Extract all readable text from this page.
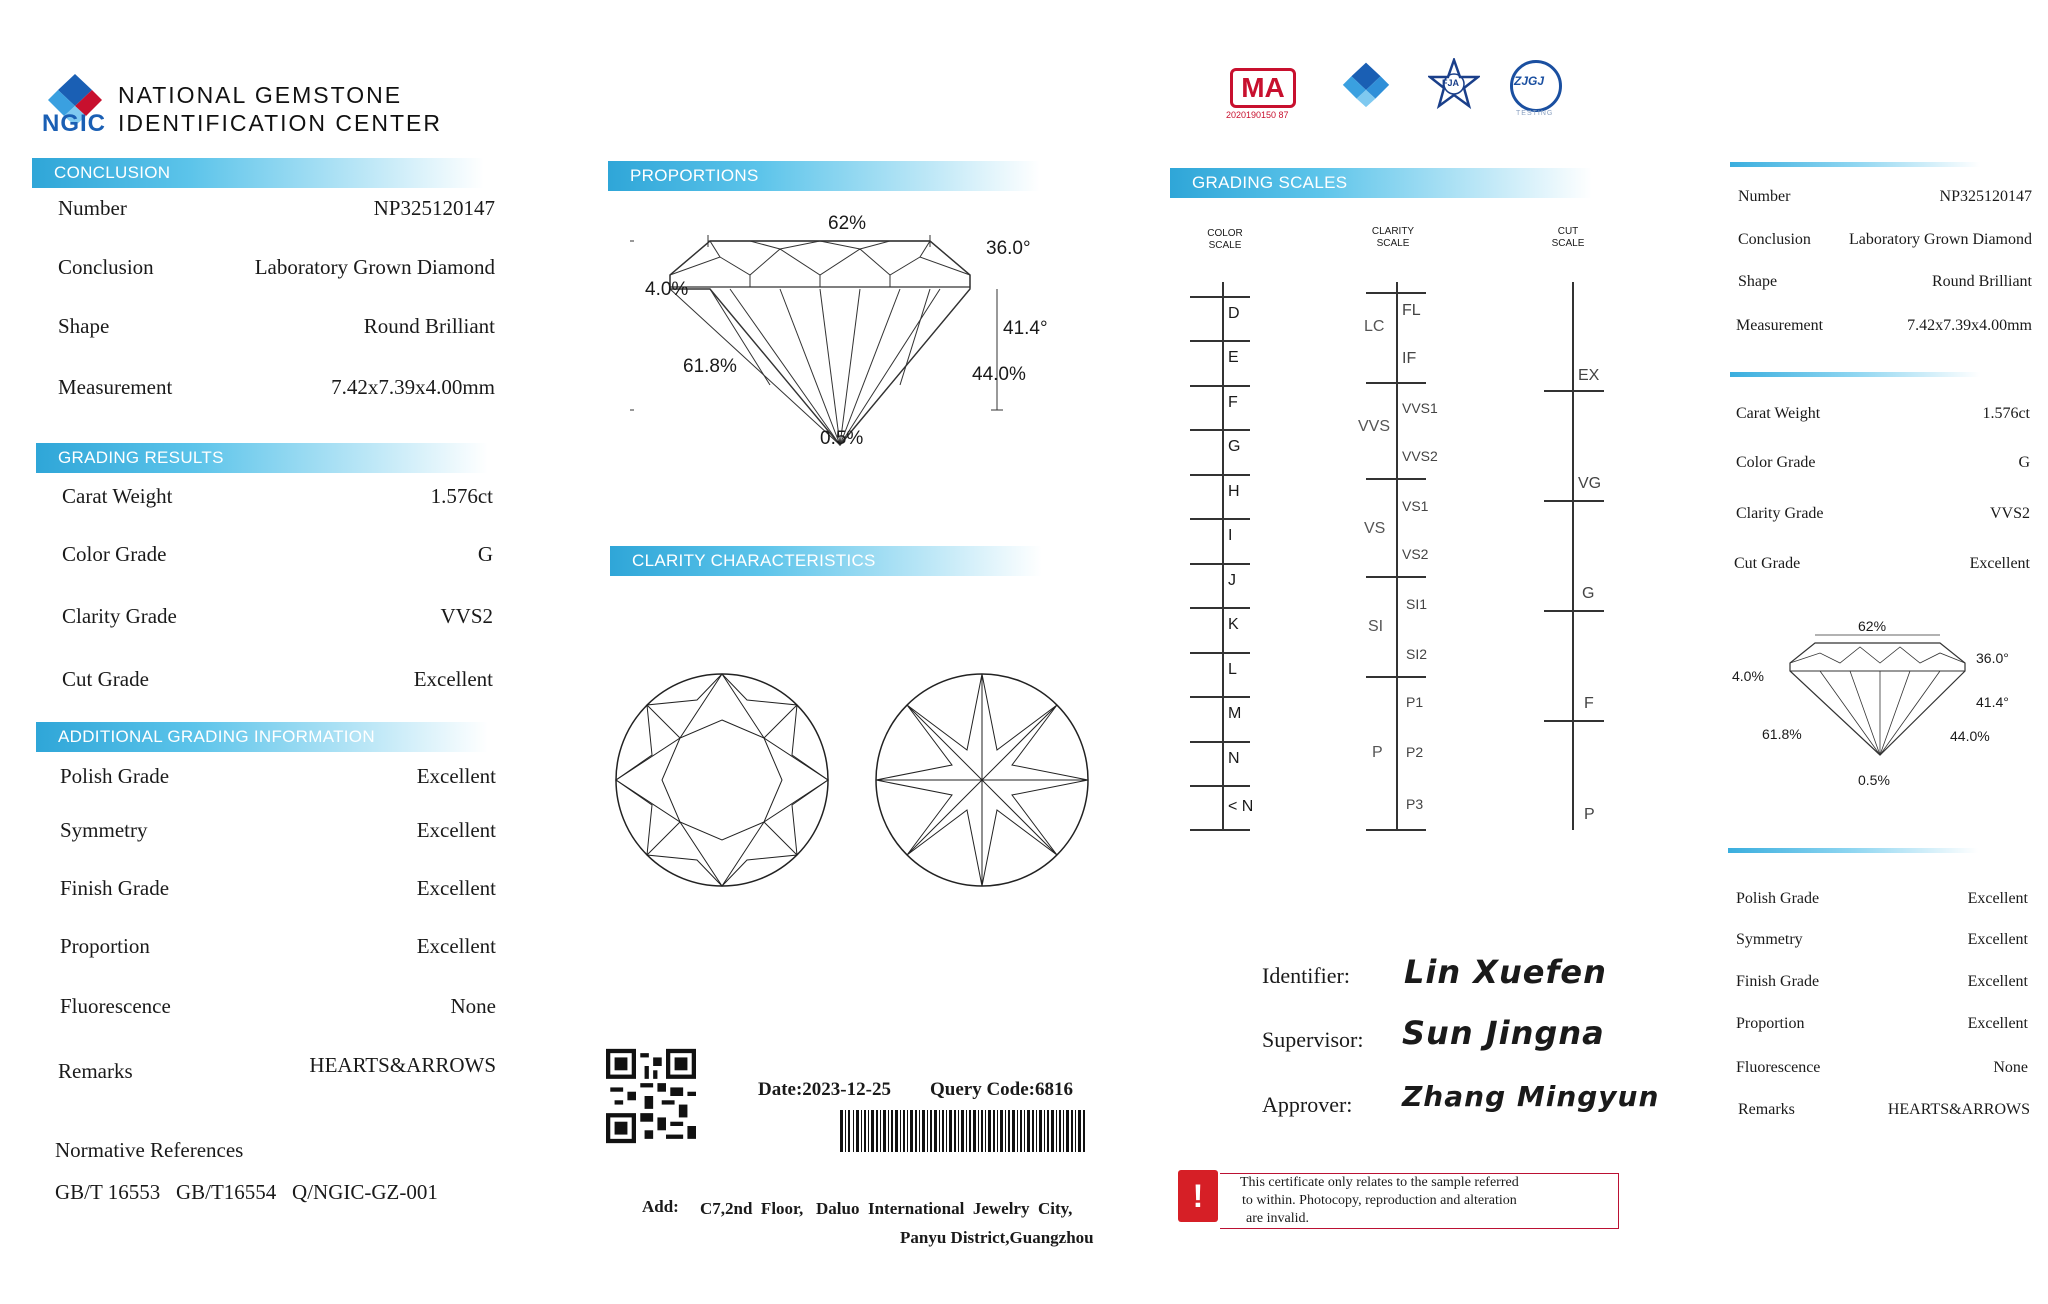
NGIC
NATIONAL GEMSTONE
IDENTIFICATION CENTER
CONCLUSION
Number	NP325120147
Conclusion	Laboratory Grown Diamond
Shape	Round Brilliant
Measurement	7.42x7.39x4.00mm
GRADING RESULTS
Carat Weight	1.576ct
Color Grade	G
Clarity Grade	VVS2
Cut Grade	Excellent
ADDITIONAL GRADING INFORMATION
Polish Grade	Excellent
Symmetry	Excellent
Finish Grade	Excellent
Proportion	Excellent
Fluorescence	None
Remarks	HEARTS&ARROWS
Normative References
GB/T 16553   GB/T16554   Q/NGIC-GZ-001
PROPORTIONS
62%
36.0°
4.0%
41.4°
61.8%	44.0%
0.5%
CLARITY CHARACTERISTICS
Date:2023-12-25 Query Code:6816
Add: C7,2nd  Floor,   Daluo  International  Jewelry  City,
Panyu District,Guangzhou
MA
2020190150 87
FJA	ZJGJ
TESTING
GRADING SCALES
COLOR
SCALE
CLARITY
SCALE
CUT
SCALE
D
E
F
G
H
I
J
K
L
M
N
< N
FL
IF
VVS1
VVS2
VS1
VS2
SI1
SI2
P1
P2
P3
LC
VVS
VS
SI
P
EX
VG
G
F
P
Identifier: Lin Xuefen
Supervisor: Sun Jingna
Approver: Zhang Mingyun
!	This certificate only relates to the sample referred
to within. Photocopy, reproduction and alteration
are invalid.
Number	NP325120147
Conclusion Laboratory Grown Diamond
Shape	Round Brilliant
Measurement	7.42x7.39x4.00mm
Carat Weight	1.576ct
Color Grade	G
Clarity Grade	VVS2
Cut Grade	Excellent
62%
36.0°
4.0%
41.4°
61.8%	44.0%
0.5%
Polish Grade	Excellent
Symmetry	Excellent
Finish Grade	Excellent
Proportion	Excellent
Fluorescence	None
Remarks	HEARTS&ARROWS
